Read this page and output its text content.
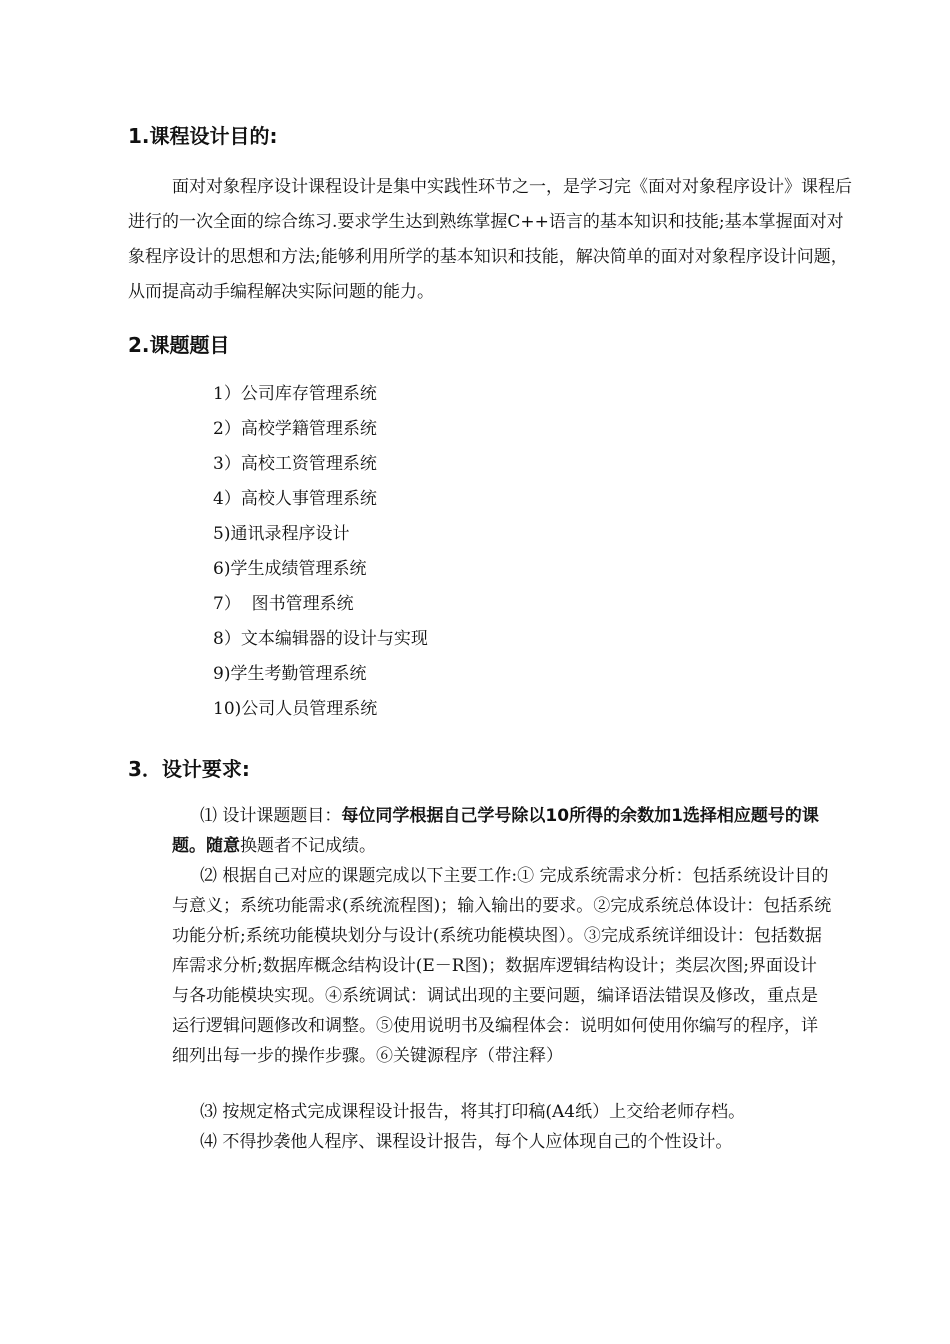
1.课程设计目的:
面对对象程序设计课程设计是集中实践性环节之一，是学习完《面对对象程序设计》课程后进行的一次全面的综合练习.要求学生达到熟练掌握C++语言的基本知识和技能;基本掌握面对对象程序设计的思想和方法;能够利用所学的基本知识和技能，解决简单的面对对象程序设计问题，从而提高动手编程解决实际问题的能力。
2.课题题目
1）公司库存管理系统
2）高校学籍管理系统
3）高校工资管理系统
4）高校人事管理系统
5)通讯录程序设计
6)学生成绩管理系统
7）  图书管理系统
8）文本编辑器的设计与实现
9)学生考勤管理系统
10)公司人员管理系统
3．设计要求:
⑴ 设计课题题目：每位同学根据自己学号除以10所得的余数加1选择相应题号的课题。随意换题者不记成绩。
⑵ 根据自己对应的课题完成以下主要工作:① 完成系统需求分析：包括系统设计目的与意义；系统功能需求(系统流程图)；输入输出的要求。②完成系统总体设计：包括系统功能分析;系统功能模块划分与设计(系统功能模块图）。③完成系统详细设计：包括数据库需求分析;数据库概念结构设计(E－R图)；数据库逻辑结构设计；类层次图;界面设计与各功能模块实现。④系统调试：调试出现的主要问题，编译语法错误及修改，重点是运行逻辑问题修改和调整。⑤使用说明书及编程体会：说明如何使用你编写的程序，详细列出每一步的操作步骤。⑥关键源程序（带注释）
⑶ 按规定格式完成课程设计报告，将其打印稿(A4纸）上交给老师存档。
⑷ 不得抄袭他人程序、课程设计报告，每个人应体现自己的个性设计。
